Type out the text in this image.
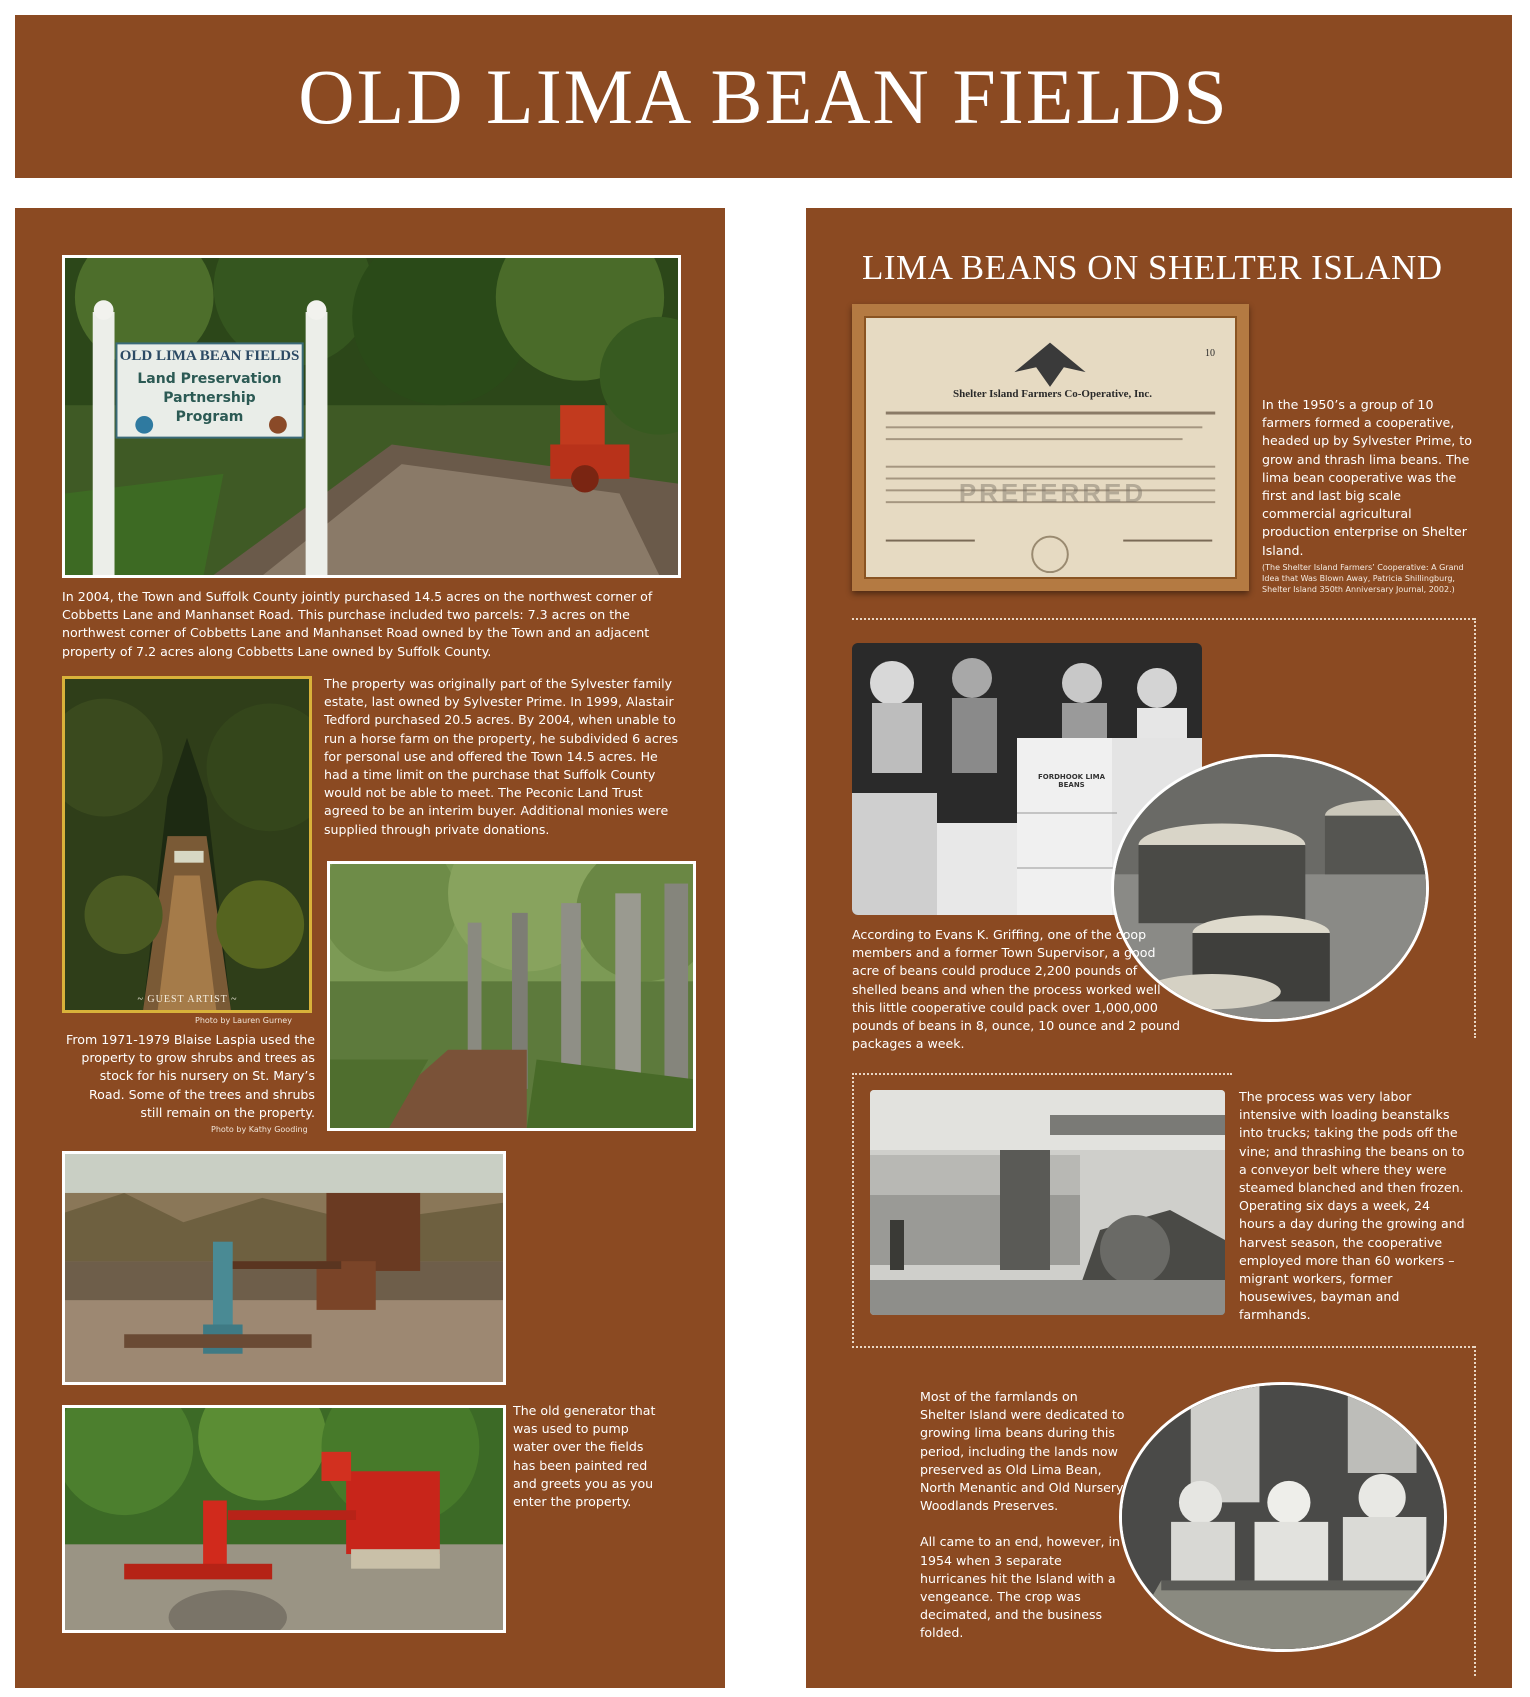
OLD LIMA BEAN FIELDS
OLD LIMA BEAN FIELDS
Land Preservation
Partnership
Program
In 2004, the Town and Suffolk County jointly purchased 14.5 acres on the northwest corner of Cobbetts Lane and Manhanset Road. This purchase included two parcels: 7.3 acres on the northwest corner of Cobbetts Lane and Manhanset Road owned by the Town and an adjacent property of 7.2 acres along Cobbetts Lane owned by Suffolk County.
~ GUEST ARTIST ~
Photo by Lauren Gurney
The property was originally part of the Sylvester family estate, last owned by Sylvester Prime. In 1999, Alastair Tedford purchased 20.5 acres. By 2004, when unable to run a horse farm on the property, he subdivided 6 acres for personal use and offered the Town 14.5 acres. He had a time limit on the purchase that Suffolk County would not be able to meet. The Peconic Land Trust agreed to be an interim buyer. Additional monies were supplied through private donations.
From 1971-1979 Blaise Laspia used the property to grow shrubs and trees as stock for his nursery on St. Mary’s Road. Some of the trees and shrubs still remain on the property.
Photo by Kathy Gooding
The old generator that was used to pump water over the fields has been painted red and greets you as you enter the property.
LIMA BEANS ON SHELTER ISLAND
Shelter Island Farmers Co-Operative, Inc.
PREFERRED
10
In the 1950’s a group of 10 farmers formed a cooperative, headed up by Sylvester Prime, to grow and thrash lima beans. The lima bean cooperative was the first and last big scale commercial agricultural production enterprise on Shelter Island.
(The Shelter Island Farmers’ Cooperative: A Grand Idea that Was Blown Away, Patricia Shillingburg, Shelter Island 350th Anniversary Journal, 2002.)
FORDHOOK LIMA BEANS
According to Evans K. Griffing, one of the coop members and a former Town Supervisor, a good acre of beans could produce 2,200 pounds of shelled beans and when the process worked well this little cooperative could pack over 1,000,000 pounds of beans in 8, ounce, 10 ounce and 2 pound packages a week.
The process was very labor intensive with loading beanstalks into trucks; taking the pods off the vine; and thrashing the beans on to a conveyor belt where they were steamed blanched and then frozen. Operating six days a week, 24 hours a day during the growing and harvest season, the cooperative employed more than 60 workers – migrant workers, former housewives, bayman and farmhands.
Most of the farmlands on Shelter Island were dedicated to growing lima beans during this period, including the lands now preserved as Old Lima Bean, North Menantic and Old Nursery Woodlands Preserves.
All came to an end, however, in 1954 when 3 separate hurricanes hit the Island with a vengeance. The crop was decimated, and the business folded.
